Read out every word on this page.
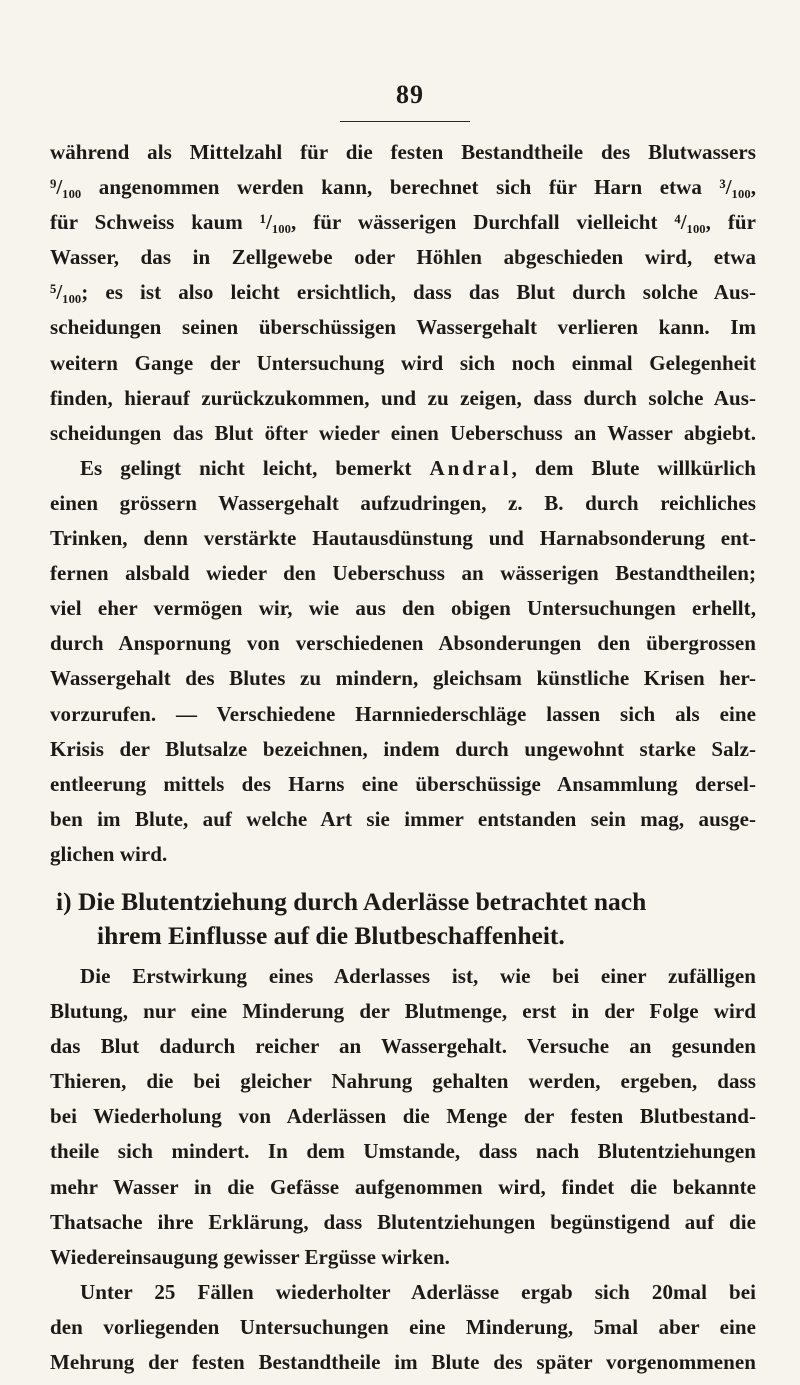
89

während als Mittelzahl für die festen Bestandtheile des Blutwassers

⁹/₁₀₀ angenommen werden kann, berechnet sich für Harn etwa ³/₁₀₀,

für Schweiss kaum ¹/₁₀₀, für wässerigen Durchfall vielleicht ⁴/₁₀₀, für

Wasser, das in Zellgewebe oder Höhlen abgeschieden wird, etwa

⁵/₁₀₀; es ist also leicht ersichtlich, dass das Blut durch solche Aus-

scheidungen seinen überschüssigen Wassergehalt verlieren kann. Im

weitern Gange der Untersuchung wird sich noch einmal Gelegenheit

finden, hierauf zurückzukommen, und zu zeigen, dass durch solche Aus-

scheidungen das Blut öfter wieder einen Ueberschuss an Wasser abgiebt.

Es gelingt nicht leicht, bemerkt Andral, dem Blute willkürlich

einen grössern Wassergehalt aufzudringen, z. B. durch reichliches

Trinken, denn verstärkte Hautausdünstung und Harnabsonderung ent-

fernen alsbald wieder den Ueberschuss an wässerigen Bestandtheilen;

viel eher vermögen wir, wie aus den obigen Untersuchungen erhellt,

durch Anspornung von verschiedenen Absonderungen den übergrossen

Wassergehalt des Blutes zu mindern, gleichsam künstliche Krisen her-

vorzurufen. — Verschiedene Harnniederschläge lassen sich als eine

Krisis der Blutsalze bezeichnen, indem durch ungewohnt starke Salz-

entleerung mittels des Harns eine überschüssige Ansammlung dersel-

ben im Blute, auf welche Art sie immer entstanden sein mag, ausge-

glichen wird.

i) Die Blutentziehung durch Aderlässe betrachtet nach
ihrem Einflusse auf die Blutbeschaffenheit.

Die Erstwirkung eines Aderlasses ist, wie bei einer zufälligen

Blutung, nur eine Minderung der Blutmenge, erst in der Folge wird

das Blut dadurch reicher an Wassergehalt. Versuche an gesunden

Thieren, die bei gleicher Nahrung gehalten werden, ergeben, dass

bei Wiederholung von Aderlässen die Menge der festen Blutbestand-

theile sich mindert. In dem Umstande, dass nach Blutentziehungen

mehr Wasser in die Gefässe aufgenommen wird, findet die bekannte

Thatsache ihre Erklärung, dass Blutentziehungen begünstigend auf die

Wiedereinsaugung gewisser Ergüsse wirken.

Unter 25 Fällen wiederholter Aderlässe ergab sich 20mal bei

den vorliegenden Untersuchungen eine Minderung, 5mal aber eine

Mehrung der festen Bestandtheile im Blute des später vorgenommenen
